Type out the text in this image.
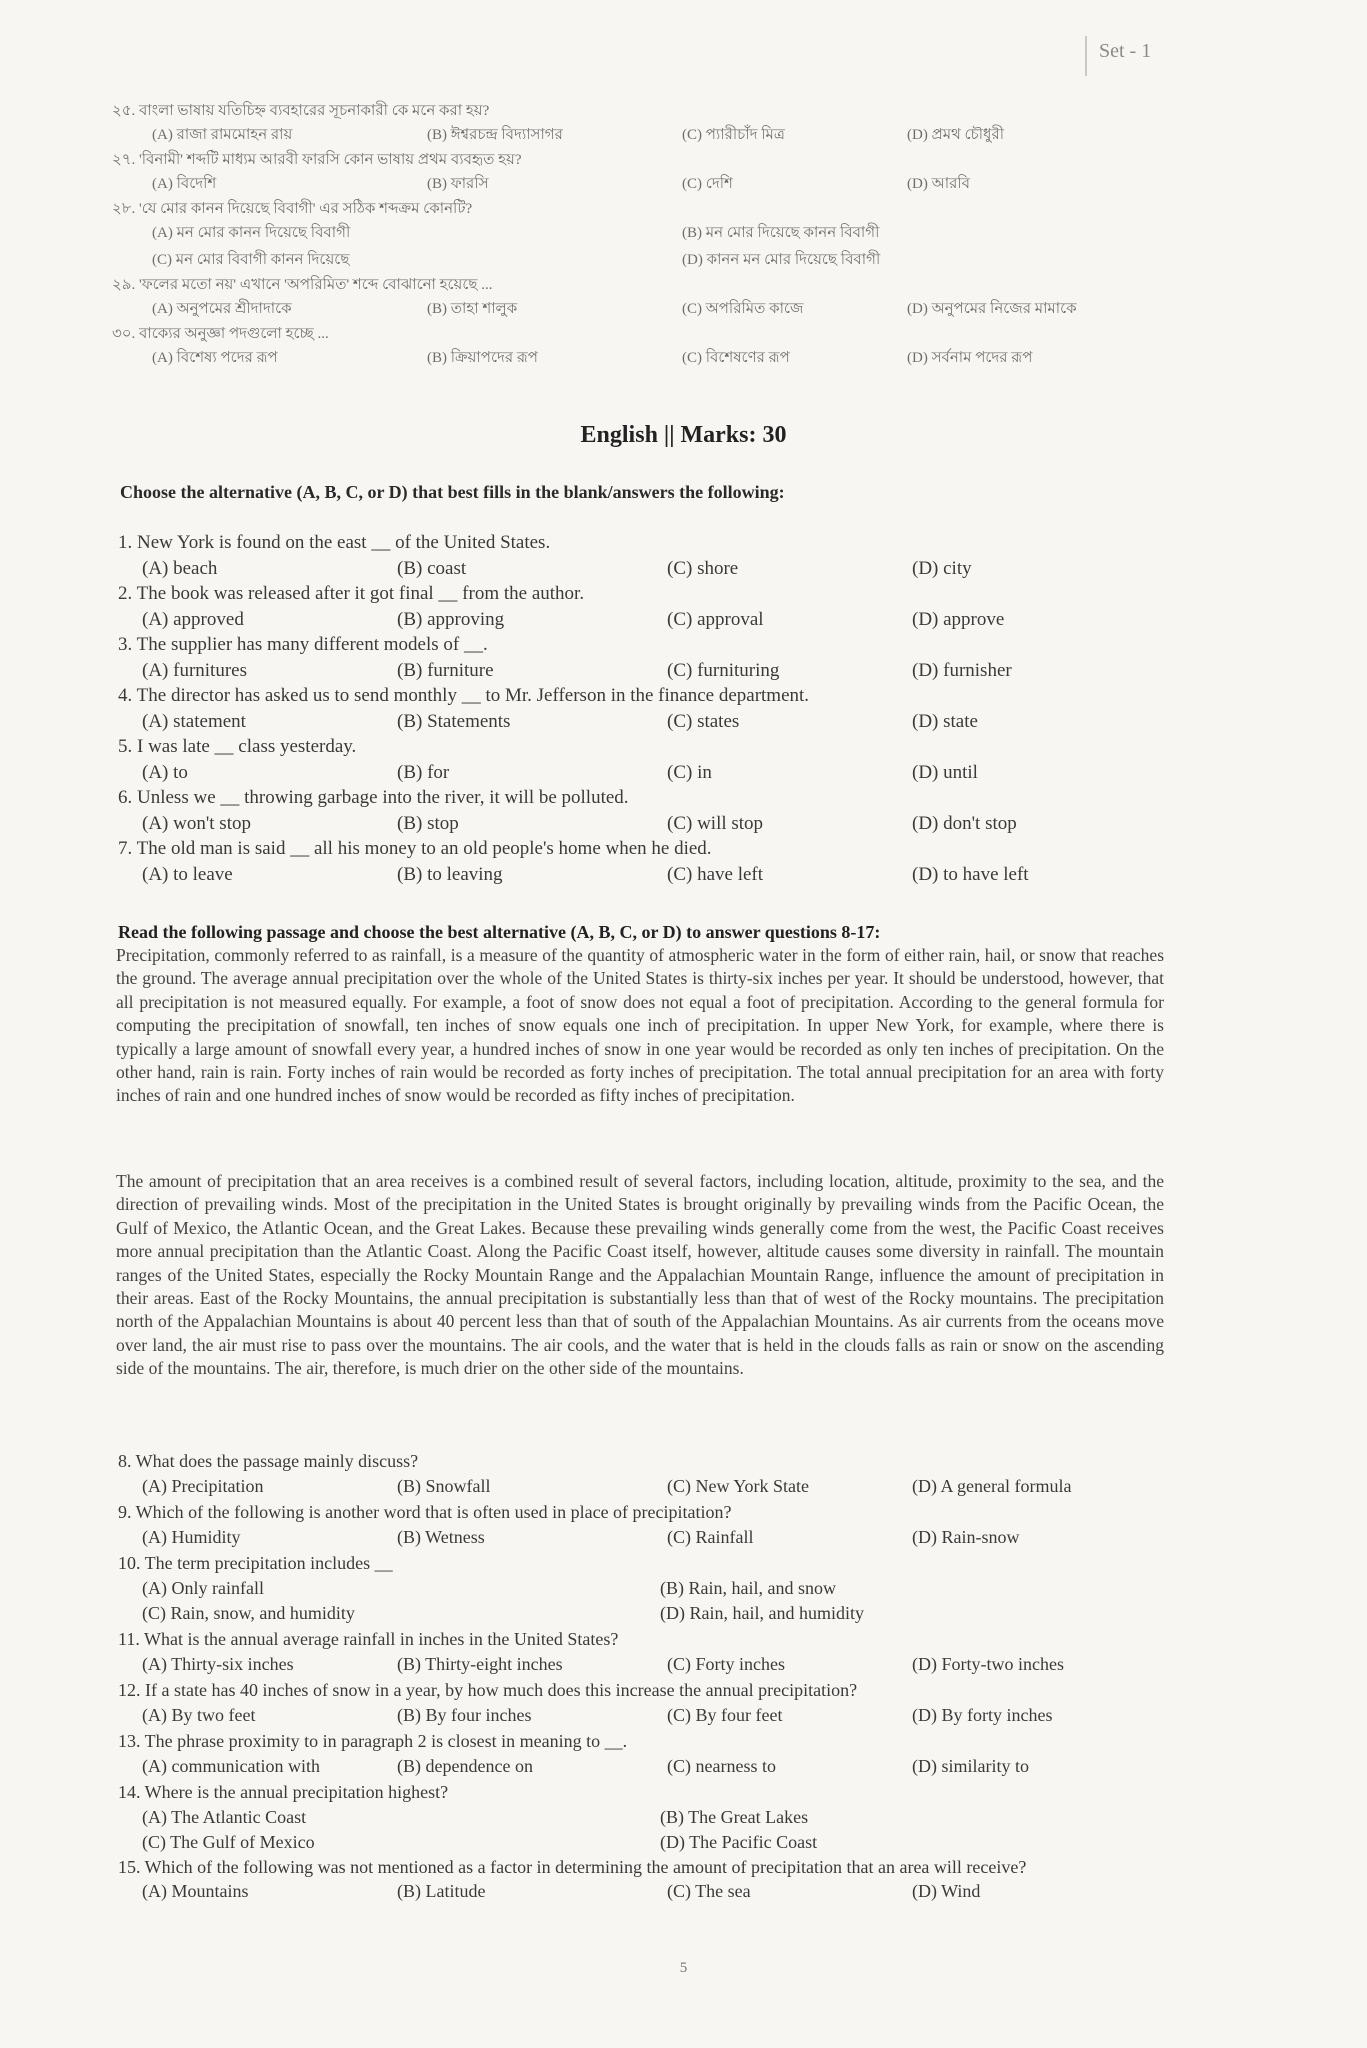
Set - 1
২৫. বাংলা ভাষায় যতিচিহ্ন ব্যবহারের সূচনাকারী কে মনে করা হয়?
(A) রাজা রামমোহন রায়	(B) ঈশ্বরচন্দ্র বিদ্যাসাগর	(C) প্যারীচাঁদ মিত্র	(D) প্রমথ চৌধুরী
২৭. 'বিনামী' শব্দটি মাধ্যম আরবী ফারসি কোন ভাষায় প্রথম ব্যবহৃত হয়?
(A) বিদেশি	(B) ফারসি	(C) দেশি	(D) আরবি
২৮. 'যে মোর কানন দিয়েছে বিবাগী' এর সঠিক শব্দক্রম কোনটি?
(A) মন মোর কানন দিয়েছে বিবাগী	(B) মন মোর দিয়েছে কানন বিবাগী
(C) মন মোর বিবাগী কানন দিয়েছে	(D) কানন মন মোর দিয়েছে বিবাগী
২৯. 'ফলের মতো নয়' এখানে 'অপরিমিত' শব্দে বোঝানো হয়েছে ...
(A) অনুপমের শ্রীদাদাকে	(B) তাহা শালুক	(C) অপরিমিত কাজে	(D) অনুপমের নিজের মামাকে
৩০. বাক্যের অনুজ্ঞা পদগুলো হচ্ছে ...
(A) বিশেষ্য পদের রূপ	(B) ক্রিয়াপদের রূপ	(C) বিশেষণের রূপ	(D) সর্বনাম পদের রূপ
English || Marks: 30
Choose the alternative (A, B, C, or D) that best fills in the blank/answers the following:
1. New York is found on the east __ of the United States.
(A) beach	(B) coast	(C) shore	(D) city
2. The book was released after it got final __ from the author.
(A) approved	(B) approving	(C) approval	(D) approve
3. The supplier has many different models of __.
(A) furnitures	(B) furniture	(C) furnituring	(D) furnisher
4. The director has asked us to send monthly __ to Mr. Jefferson in the finance department.
(A) statement	(B) Statements	(C) states	(D) state
5. I was late __ class yesterday.
(A) to	(B) for	(C) in	(D) until
6. Unless we __ throwing garbage into the river, it will be polluted.
(A) won't stop	(B) stop	(C) will stop	(D) don't stop
7. The old man is said __ all his money to an old people's home when he died.
(A) to leave	(B) to leaving	(C) have left	(D) to have left
Read the following passage and choose the best alternative (A, B, C, or D) to answer questions 8-17:
Precipitation, commonly referred to as rainfall, is a measure of the quantity of atmospheric water in the form of either rain, hail, or snow that reaches the ground. The average annual precipitation over the whole of the United States is thirty-six inches per year. It should be understood, however, that all precipitation is not measured equally. For example, a foot of snow does not equal a foot of precipitation. According to the general formula for computing the precipitation of snowfall, ten inches of snow equals one inch of precipitation. In upper New York, for example, where there is typically a large amount of snowfall every year, a hundred inches of snow in one year would be recorded as only ten inches of precipitation. On the other hand, rain is rain. Forty inches of rain would be recorded as forty inches of precipitation. The total annual precipitation for an area with forty inches of rain and one hundred inches of snow would be recorded as fifty inches of precipitation.
The amount of precipitation that an area receives is a combined result of several factors, including location, altitude, proximity to the sea, and the direction of prevailing winds. Most of the precipitation in the United States is brought originally by prevailing winds from the Pacific Ocean, the Gulf of Mexico, the Atlantic Ocean, and the Great Lakes. Because these prevailing winds generally come from the west, the Pacific Coast receives more annual precipitation than the Atlantic Coast. Along the Pacific Coast itself, however, altitude causes some diversity in rainfall. The mountain ranges of the United States, especially the Rocky Mountain Range and the Appalachian Mountain Range, influence the amount of precipitation in their areas. East of the Rocky Mountains, the annual precipitation is substantially less than that of west of the Rocky mountains. The precipitation north of the Appalachian Mountains is about 40 percent less than that of south of the Appalachian Mountains. As air currents from the oceans move over land, the air must rise to pass over the mountains. The air cools, and the water that is held in the clouds falls as rain or snow on the ascending side of the mountains. The air, therefore, is much drier on the other side of the mountains.
8. What does the passage mainly discuss?
(A) Precipitation	(B) Snowfall	(C) New York State	(D) A general formula
9. Which of the following is another word that is often used in place of precipitation?
(A) Humidity	(B) Wetness	(C) Rainfall	(D) Rain-snow
10. The term precipitation includes __
(A) Only rainfall	(B) Rain, hail, and snow
(C) Rain, snow, and humidity	(D) Rain, hail, and humidity
11. What is the annual average rainfall in inches in the United States?
(A) Thirty-six inches	(B) Thirty-eight inches	(C) Forty inches	(D) Forty-two inches
12. If a state has 40 inches of snow in a year, by how much does this increase the annual precipitation?
(A) By two feet	(B) By four inches	(C) By four feet	(D) By forty inches
13. The phrase proximity to in paragraph 2 is closest in meaning to __.
(A) communication with	(B) dependence on	(C) nearness to	(D) similarity to
14. Where is the annual precipitation highest?
(A) The Atlantic Coast	(B) The Great Lakes
(C) The Gulf of Mexico	(D) The Pacific Coast
15. Which of the following was not mentioned as a factor in determining the amount of precipitation that an area will receive?
(A) Mountains	(B) Latitude	(C) The sea	(D) Wind
5
